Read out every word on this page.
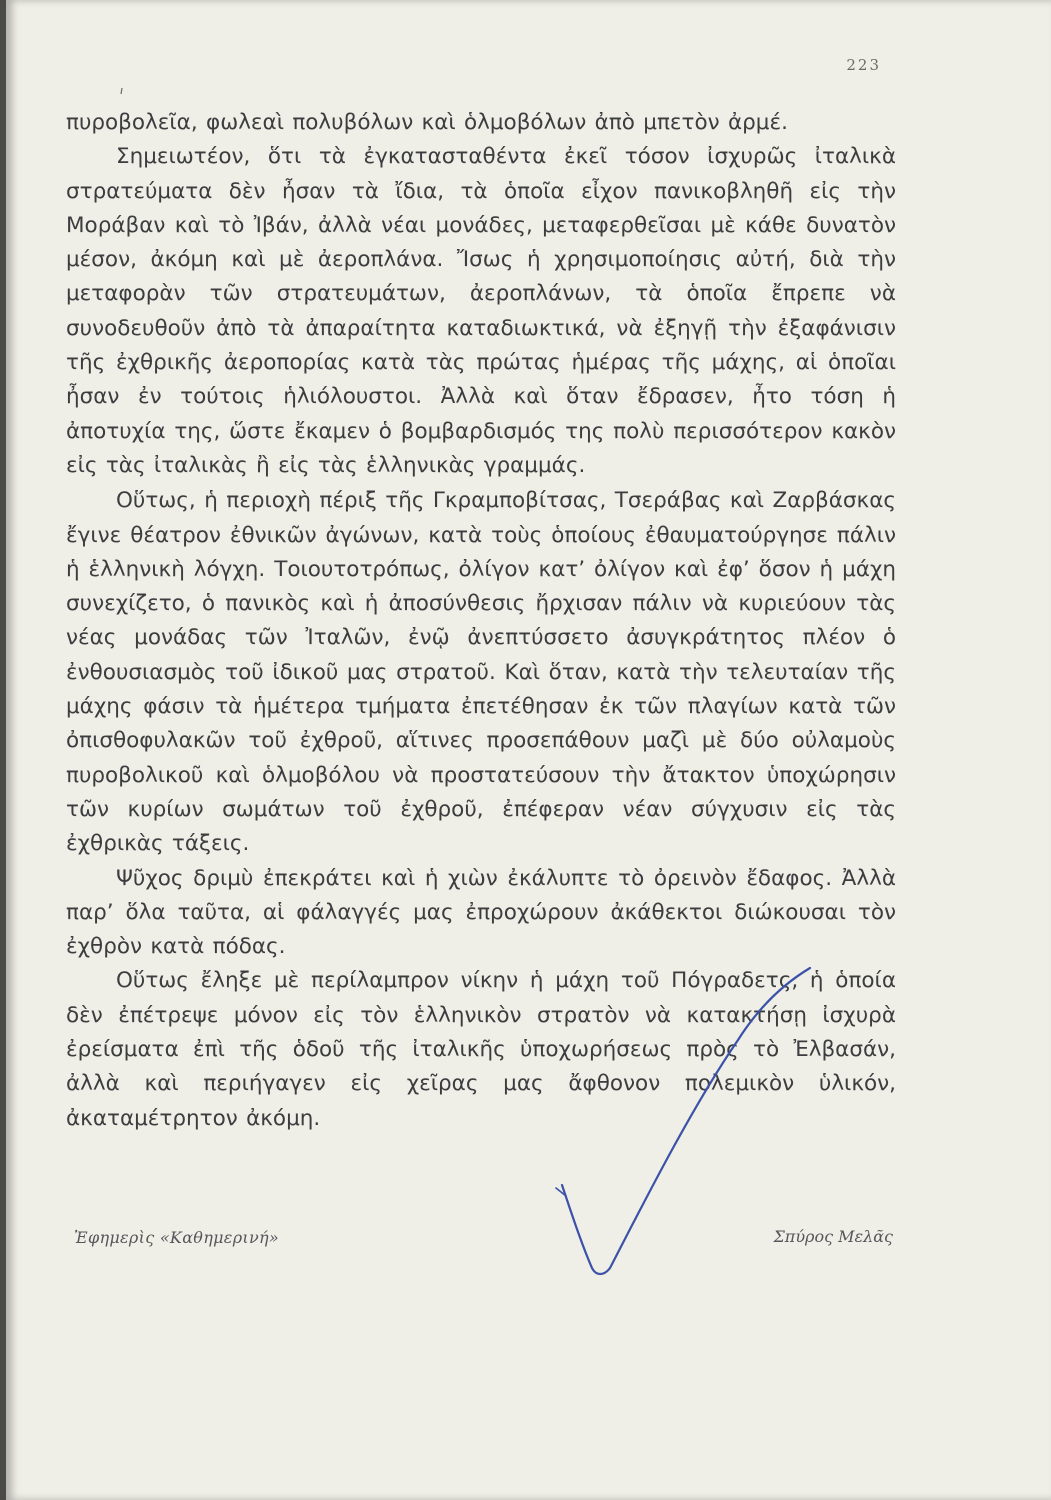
223

πυροβολεῖα, φωλεαὶ πολυβόλων καὶ ὁλμοβόλων ἀπὸ μπετὸν ἀρμέ.

Σημειωτέον, ὅτι τὰ ἐγκατασταθέντα ἐκεῖ τόσον ἰσχυρῶς ἰταλικὰ στρατεύματα δὲν ἦσαν τὰ ἴδια, τὰ ὁποῖα εἶχον πανικοβληθῆ εἰς τὴν Μοράβαν καὶ τὸ Ἰβάν, ἀλλὰ νέαι μονάδες, μεταφερθεῖσαι μὲ κάθε δυνατὸν μέσον, ἀκόμη καὶ μὲ ἀεροπλάνα. Ἴσως ἡ χρησιμοποίησις αὐτή, διὰ τὴν μεταφορὰν τῶν στρατευμάτων, ἀεροπλάνων, τὰ ὁποῖα ἔπρεπε νὰ συνοδευθοῦν ἀπὸ τὰ ἀπαραίτητα καταδιωκτικά, νὰ ἐξηγῇ τὴν ἐξαφάνισιν τῆς ἐχθρικῆς ἀεροπορίας κατὰ τὰς πρώτας ἡμέρας τῆς μάχης, αἱ ὁποῖαι ἦσαν ἐν τούτοις ἡλιόλουστοι. Ἀλλὰ καὶ ὅταν ἔδρασεν, ἦτο τόση ἡ ἀποτυχία της, ὥστε ἔκαμεν ὁ βομβαρδισμός της πολὺ περισσότερον κακὸν εἰς τὰς ἰταλικὰς ἢ εἰς τὰς ἑλληνικὰς γραμμάς.

Οὕτως, ἡ περιοχὴ πέριξ τῆς Γκραμποβίτσας, Τσεράβας καὶ Ζαρβάσκας ἔγινε θέατρον ἐθνικῶν ἀγώνων, κατὰ τοὺς ὁποίους ἐθαυματούργησε πάλιν ἡ ἑλληνικὴ λόγχη. Τοιουτοτρόπως, ὀλίγον κατ’ ὀλίγον καὶ ἐφ’ ὅσον ἡ μάχη συνεχίζετο, ὁ πανικὸς καὶ ἡ ἀποσύνθεσις ἤρχισαν πάλιν νὰ κυριεύουν τὰς νέας μονάδας τῶν Ἰταλῶν, ἐνῷ ἀνεπτύσσετο ἀσυγκράτητος πλέον ὁ ἐνθουσιασμὸς τοῦ ἰδικοῦ μας στρατοῦ. Καὶ ὅταν, κατὰ τὴν τελευταίαν τῆς μάχης φάσιν τὰ ἡμέτερα τμήματα ἐπετέθησαν ἐκ τῶν πλαγίων κατὰ τῶν ὀπισθοφυλακῶν τοῦ ἐχθροῦ, αἵτινες προσεπάθουν μαζὶ μὲ δύο οὐλαμοὺς πυροβολικοῦ καὶ ὁλμοβόλου νὰ προστατεύσουν τὴν ἄτακτον ὑποχώρησιν τῶν κυρίων σωμάτων τοῦ ἐχθροῦ, ἐπέφεραν νέαν σύγχυσιν εἰς τὰς ἐχθρικὰς τάξεις.

Ψῦχος δριμὺ ἐπεκράτει καὶ ἡ χιὼν ἐκάλυπτε τὸ ὀρεινὸν ἔδαφος. Ἀλλὰ παρ’ ὅλα ταῦτα, αἱ φάλαγγές μας ἐπροχώρουν ἀκάθεκτοι διώκουσαι τὸν ἐχθρὸν κατὰ πόδας.

Οὕτως ἔληξε μὲ περίλαμπρον νίκην ἡ μάχη τοῦ Πόγραδετς, ἡ ὁποία δὲν ἐπέτρεψε μόνον εἰς τὸν ἑλληνικὸν στρατὸν νὰ κατακτήσῃ ἰσχυρὰ ἐρείσματα ἐπὶ τῆς ὁδοῦ τῆς ἰταλικῆς ὑποχωρήσεως πρὸς τὸ Ἐλβασάν, ἀλλὰ καὶ περιήγαγεν εἰς χεῖρας μας ἄφθονον πολεμικὸν ὑλικόν, ἀκαταμέτρητον ἀκόμη.

Ἐφημερὶς «Καθημερινή»	Σπύρος Μελᾶς
